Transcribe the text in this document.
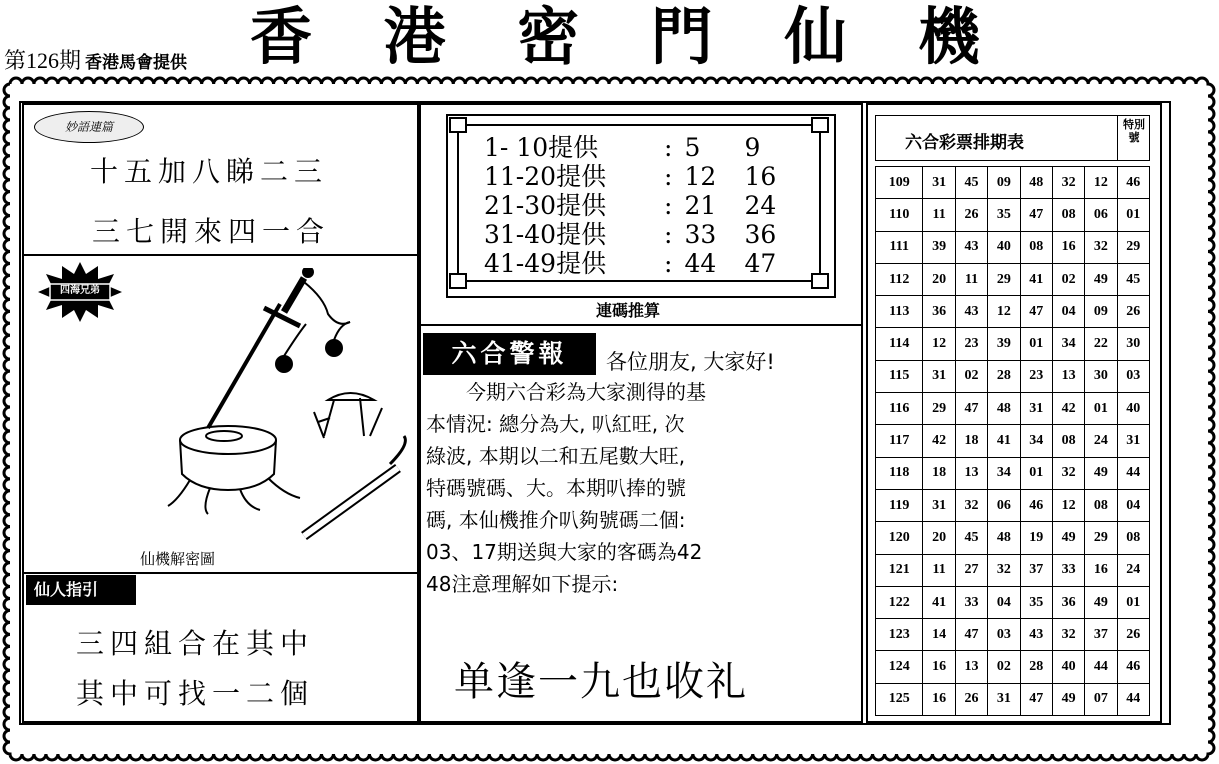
第126期 香港馬會提供 香 港 密 門 仙 機
妙語連篇
十五加八睇二三
三七開來四一合
四海兄弟
仙機解密圖
仙人指引
三四組合在其中
其中可找一二個
1- 10提供	: 5 9
11-20提供 : 12 16
21-30提供 : 21 24
31-40提供 : 33 36
41-49提供 : 44 47
連碼推算
六合警報	各位朋友, 大家好!

　　今期六合彩為大家測得的基

本情況: 總分為大, 叭紅旺, 次

綠波, 本期以二和五尾數大旺,

特碼號碼、大。本期叭捧的號

碼, 本仙機推介叭夠號碼二個:

03、17期送與大家的客碼為42

48注意理解如下提示:

单逢一九也收礼
六合彩票排期表
特別號
109	31	45	09	48	32	12	46
110	11	26	35	47	08	06	01
111	39	43	40	08	16	32	29
112	20	11	29	41	02	49	45
113	36	43	12	47	04	09	26
114	12	23	39	01	34	22	30
115	31	02	28	23	13	30	03
116	29	47	48	31	42	01	40
117	42	18	41	34	08	24	31
118	18	13	34	01	32	49	44
119	31	32	06	46	12	08	04
120	20	45	48	19	49	29	08
121	11	27	32	37	33	16	24
122	41	33	04	35	36	49	01
123	14	47	03	43	32	37	26
124	16	13	02	28	40	44	46
125	16	26	31	47	49	07	44
